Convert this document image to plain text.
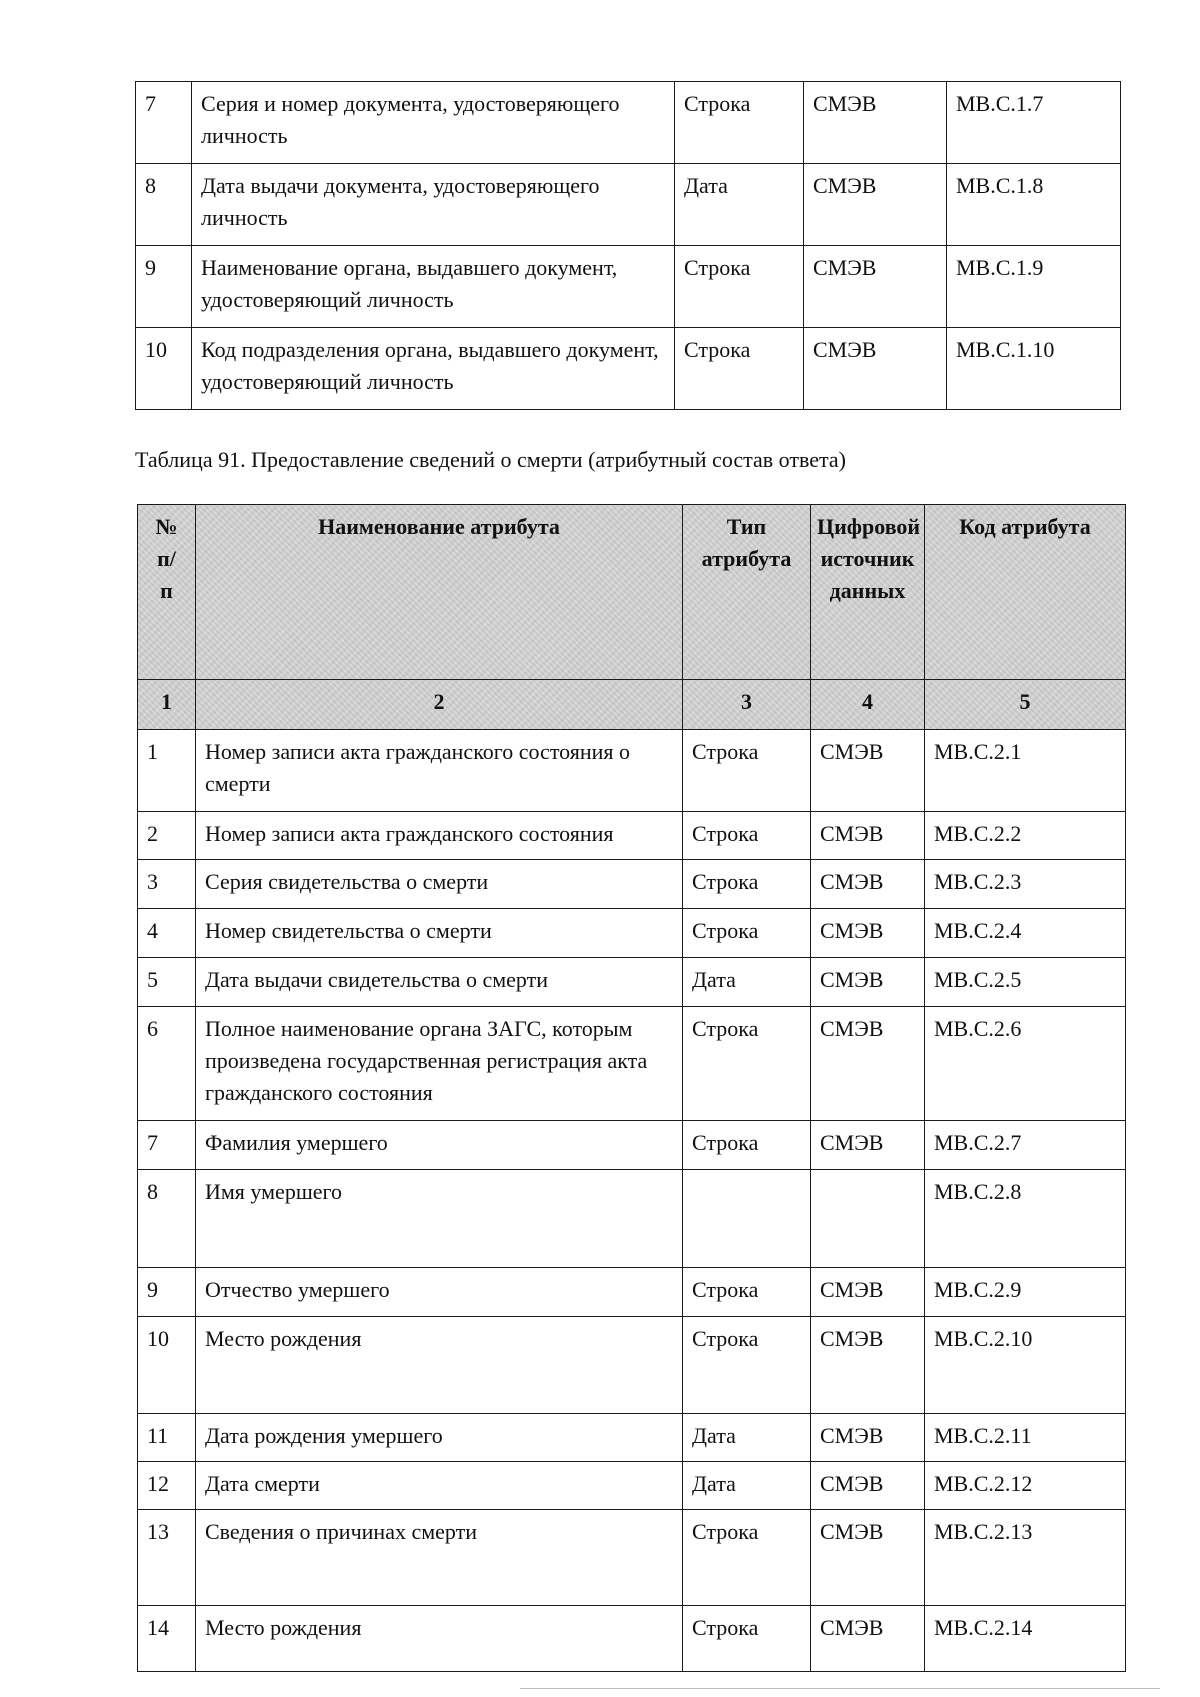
7	Серия и номер документа, удостоверяющего личность	Строка	СМЭВ	МВ.С.1.7
8	Дата выдачи документа, удостоверяющего личность	Дата	СМЭВ	МВ.С.1.8
9	Наименование органа, выдавшего документ, удостоверяющий личность	Строка	СМЭВ	МВ.С.1.9
10	Код подразделения органа, выдавшего документ, удостоверяющий личность	Строка	СМЭВ	МВ.С.1.10
Таблица 91. Предоставление сведений о смерти (атрибутный состав ответа)
№ п/п	Наименование атрибута	Тип атрибута	Цифровой источник данных	Код атрибута
1	2	3	4	5
1	Номер записи акта гражданского состояния о смерти	Строка	СМЭВ	МВ.С.2.1
2	Номер записи акта гражданского состояния	Строка	СМЭВ	МВ.С.2.2
3	Серия свидетельства о смерти	Строка	СМЭВ	МВ.С.2.3
4	Номер свидетельства о смерти	Строка	СМЭВ	МВ.С.2.4
5	Дата выдачи свидетельства о смерти	Дата	СМЭВ	МВ.С.2.5
6	Полное наименование органа ЗАГС, которым произведена государственная регистрация акта гражданского состояния	Строка	СМЭВ	МВ.С.2.6
7	Фамилия умершего	Строка	СМЭВ	МВ.С.2.7
8	Имя умершего			МВ.С.2.8
9	Отчество умершего	Строка	СМЭВ	МВ.С.2.9
10	Место рождения	Строка	СМЭВ	МВ.С.2.10
11	Дата рождения умершего	Дата	СМЭВ	МВ.С.2.11
12	Дата смерти	Дата	СМЭВ	МВ.С.2.12
13	Сведения о причинах смерти	Строка	СМЭВ	МВ.С.2.13
14	Место рождения	Строка	СМЭВ	МВ.С.2.14
